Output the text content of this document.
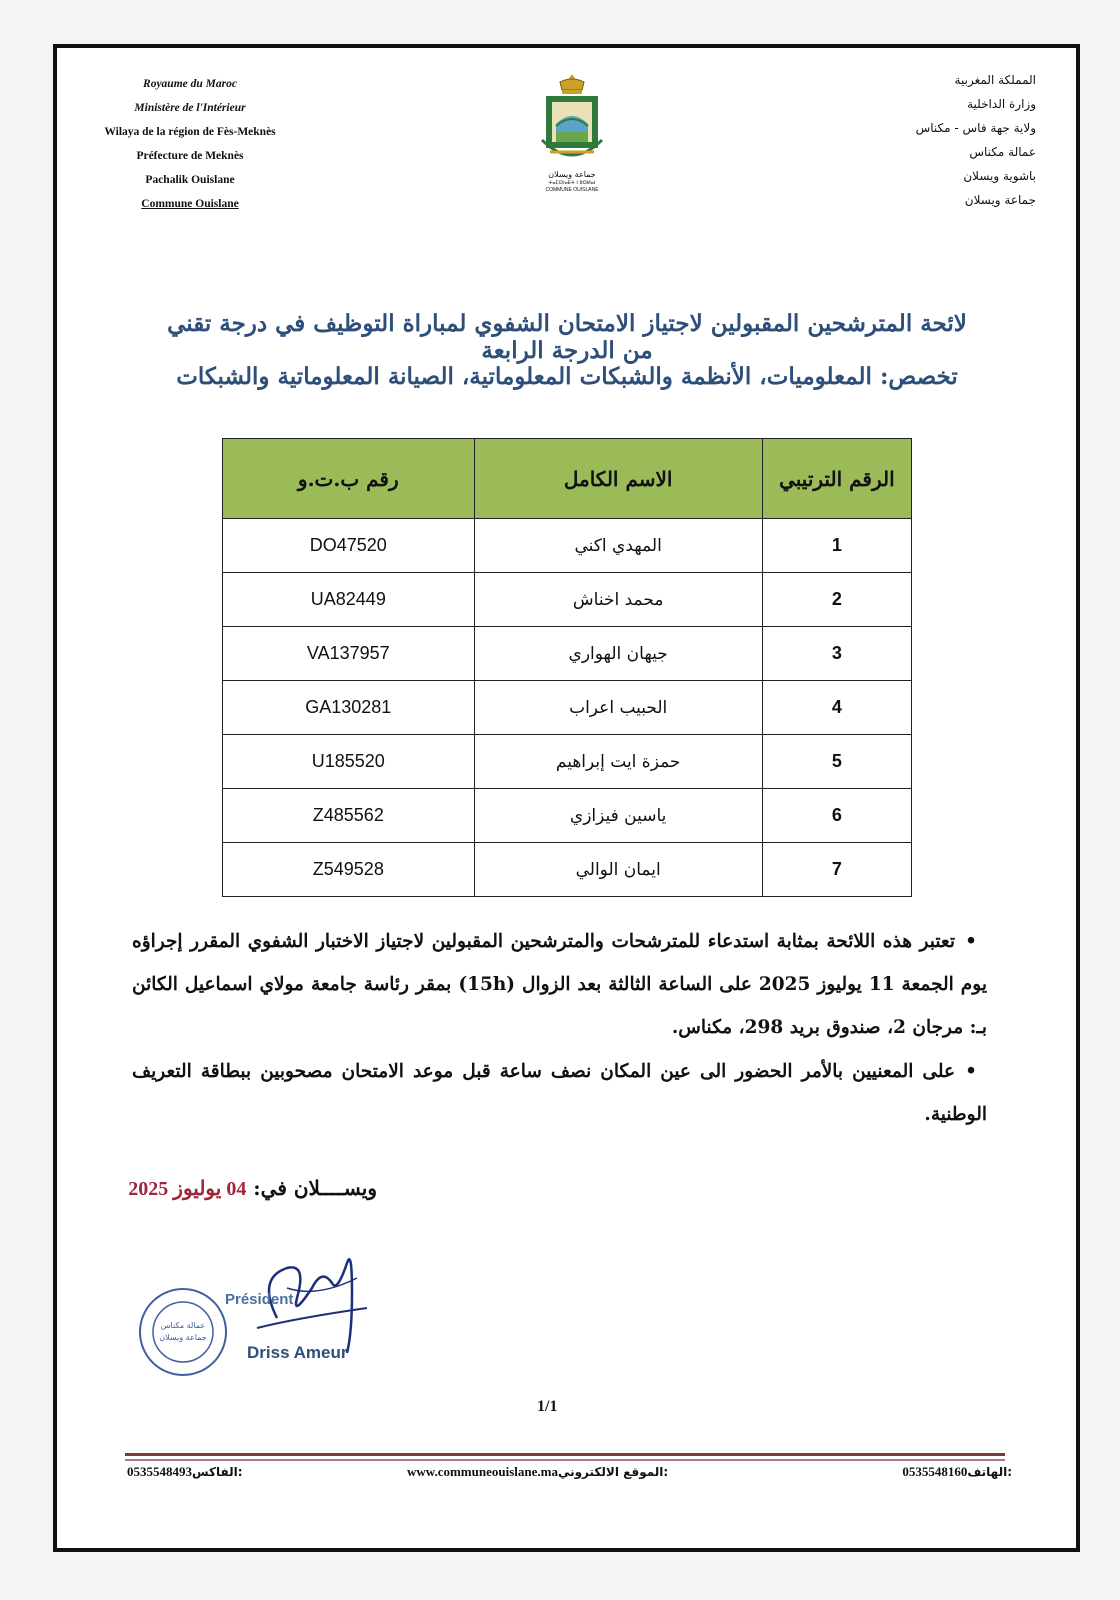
Royaume du Maroc
Ministère de l'Intérieur
Wilaya de la région de Fès-Meknès
Préfecture de Meknès
Pachalik Ouislane
Commune Ouislane
جماعة ويسلان
ⵜⴰⵎⵙⵏⴰⴹⵜ ⵏ ⵓⵙⵍⴰⵏ
COMMUNE OUISLANE
المملكة المغربية
وزارة الداخلية
ولاية جهة فاس - مكناس
عمالة مكناس
باشوية ويسلان
جماعة ويسلان
لائحة المترشحين المقبولين لاجتياز الامتحان الشفوي لمباراة التوظيف في درجة تقني من الدرجة الرابعة
تخصص: المعلوميات، الأنظمة والشبكات المعلوماتية، الصيانة المعلوماتية والشبكات
الرقم الترتيبي	الاسم الكامل	رقم ب.ت.و
1	المهدي اكني	DO47520
2	محمد اخناش	UA82449
3	جيهان الهواري	VA137957
4	الحبيب اعراب	GA130281
5	حمزة ايت إبراهيم	U185520
6	ياسين فيزازي	Z485562
7	ايمان الوالي	Z549528
•تعتبر هذه اللائحة بمثابة استدعاء للمترشحات والمترشحين المقبولين لاجتياز الاختبار الشفوي المقرر إجراؤه يوم الجمعة 11 يوليوز 2025 على الساعة الثالثة بعد الزوال (15h) بمقر رئاسة جامعة مولاي اسماعيل الكائن بـ: مرجان 2، صندوق بريد 298، مكناس.
•على المعنيين بالأمر الحضور الى عين المكان نصف ساعة قبل موعد الامتحان مصحوبين ببطاقة التعريف الوطنية.
ويســــلان في: 04 يوليوز 2025
عمالة مكناس
جماعة ويسلان
Président
Driss Ameur
1/1
0535548493الفاكس:	www.communeouislane.maالموقع الالكتروني:	0535548160الهاتف:
